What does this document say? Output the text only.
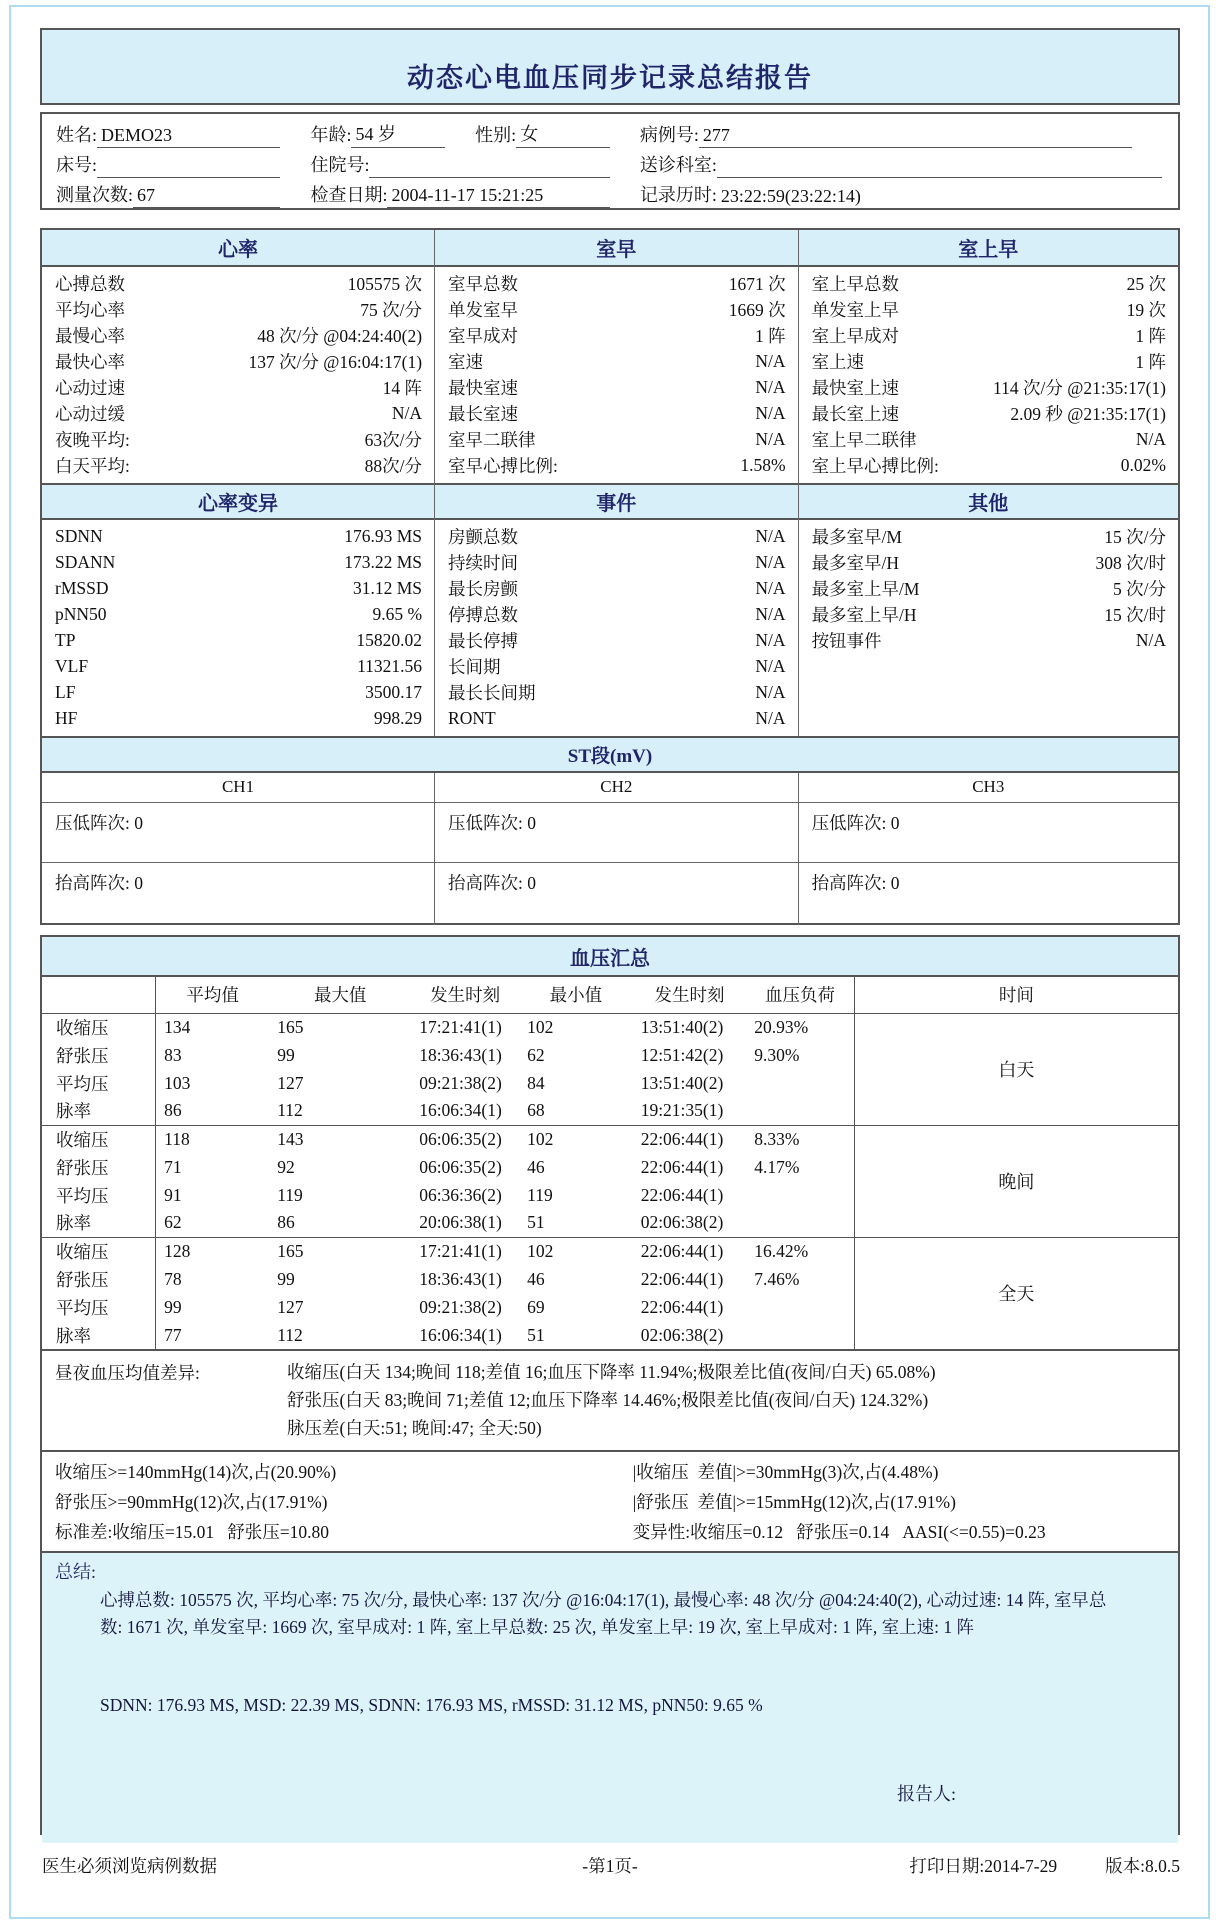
动态心电血压同步记录总结报告
姓名: DEMO23	年龄: 54 岁	性别: 女	病例号: 277
床号:	住院号:	送诊科室:
测量次数: 67	检查日期: 2004-11-17 15:21:25	记录历时: 23:22:59(23:22:14)
心率
心搏总数	105575 次
平均心率	75 次/分
最慢心率	48 次/分 @04:24:40(2)
最快心率	137 次/分 @16:04:17(1)
心动过速	14 阵
心动过缓	N/A
夜晚平均:	63次/分
白天平均:	88次/分
室早
室早总数	1671 次
单发室早	1669 次
室早成对	1 阵
室速	N/A
最快室速	N/A
最长室速	N/A
室早二联律	N/A
室早心搏比例:	1.58%
室上早
室上早总数	25 次
单发室上早	19 次
室上早成对	1 阵
室上速	1 阵
最快室上速	114 次/分 @21:35:17(1)
最长室上速	2.09 秒 @21:35:17(1)
室上早二联律	N/A
室上早心搏比例:	0.02%
心率变异
SDNN	176.93 MS
SDANN	173.22 MS
rMSSD	31.12 MS
pNN50	9.65 %
TP	15820.02
VLF	11321.56
LF	3500.17
HF	998.29
事件
房颤总数	N/A
持续时间	N/A
最长房颤	N/A
停搏总数	N/A
最长停搏	N/A
长间期	N/A
最长长间期	N/A
RONT	N/A
其他
最多室早/M	15 次/分
最多室早/H	308 次/时
最多室上早/M	5 次/分
最多室上早/H	15 次/时
按钮事件	N/A
ST段(mV)
CH1
压低阵次: 0
抬高阵次: 0
CH2
压低阵次: 0
抬高阵次: 0
CH3
压低阵次: 0
抬高阵次: 0
血压汇总
	平均值	最大值	发生时刻	最小值	发生时刻	血压负荷	时间
收缩压	134	165	17:21:41(1)	102	13:51:40(2)	20.93%	白天
舒张压	83	99	18:36:43(1)	62	12:51:42(2)	9.30%	
平均压	103	127	09:21:38(2)	84	13:51:40(2)		
脉率	86	112	16:06:34(1)	68	19:21:35(1)		
收缩压	118	143	06:06:35(2)	102	22:06:44(1)	8.33%	晚间
舒张压	71	92	06:06:35(2)	46	22:06:44(1)	4.17%	
平均压	91	119	06:36:36(2)	119	22:06:44(1)		
脉率	62	86	20:06:38(1)	51	02:06:38(2)		
收缩压	128	165	17:21:41(1)	102	22:06:44(1)	16.42%	全天
舒张压	78	99	18:36:43(1)	46	22:06:44(1)	7.46%	
平均压	99	127	09:21:38(2)	69	22:06:44(1)		
脉率	77	112	16:06:34(1)	51	02:06:38(2)		
昼夜血压均值差异:	收缩压(白天 134;晚间 118;差值 16;血压下降率 11.94%;极限差比值(夜间/白天) 65.08%)
舒张压(白天 83;晚间 71;差值 12;血压下降率 14.46%;极限差比值(夜间/白天) 124.32%)
脉压差(白天:51; 晚间:47; 全天:50)
收缩压>=140mmHg(14)次,占(20.90%)	|收缩压  差值|>=30mmHg(3)次,占(4.48%)
舒张压>=90mmHg(12)次,占(17.91%)	|舒张压  差值|>=15mmHg(12)次,占(17.91%)
标准差:收缩压=15.01   舒张压=10.80	变异性:收缩压=0.12   舒张压=0.14   AASI(<=0.55)=0.23
总结:
心搏总数: 105575 次, 平均心率: 75 次/分, 最快心率: 137 次/分 @16:04:17(1), 最慢心率: 48 次/分 @04:24:40(2), 心动过速: 14 阵, 室早总数: 1671 次, 单发室早: 1669 次, 室早成对: 1 阵, 室上早总数: 25 次, 单发室上早: 19 次, 室上早成对: 1 阵, 室上速: 1 阵
SDNN: 176.93 MS, MSD: 22.39 MS, SDNN: 176.93 MS, rMSSD: 31.12 MS, pNN50: 9.65 %
报告人:
医生必须浏览病例数据	-第1页-	打印日期:2014-7-29	版本:8.0.5
